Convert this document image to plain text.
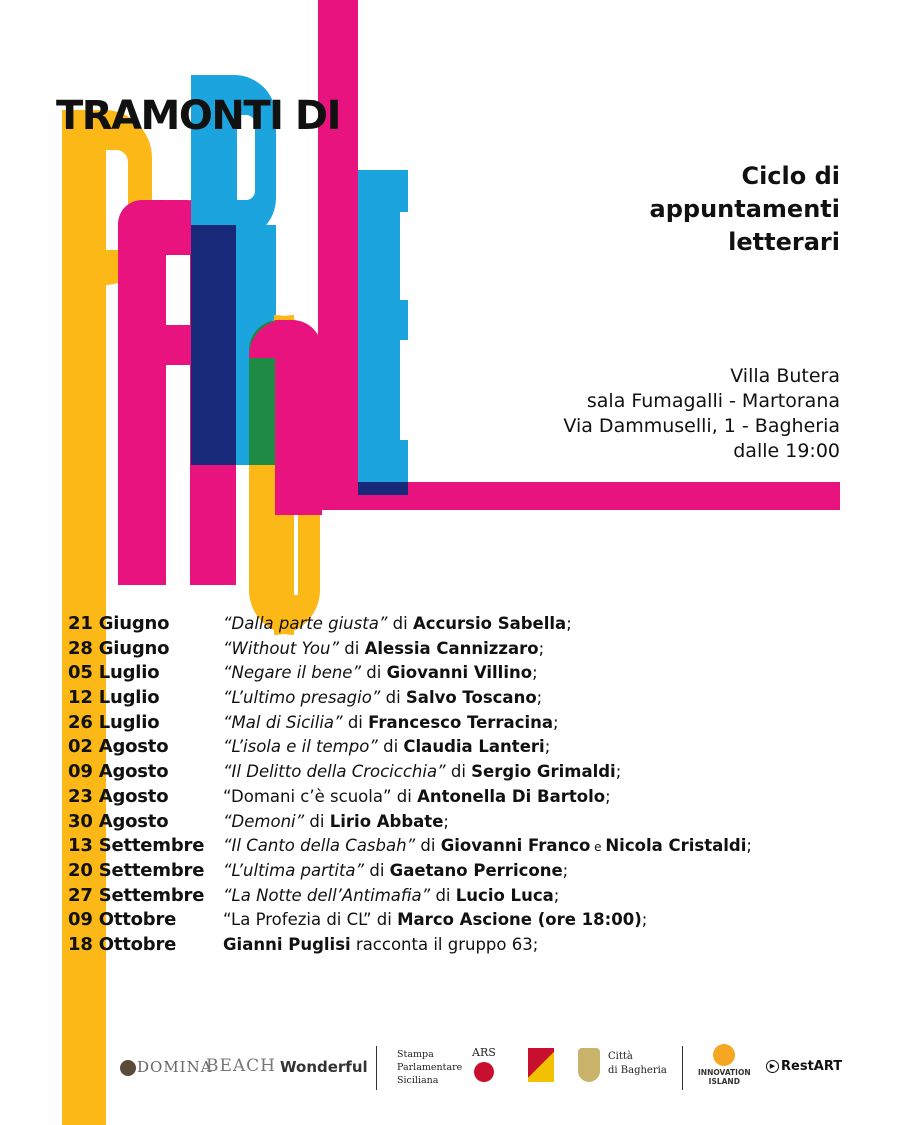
TRAMONTI DI
Ciclo di
appuntamenti
letterari
Villa Butera
sala Fumagalli - Martorana
Via Dammuselli, 1 - Bagheria
dalle 19:00
21 Giugno	“Dalla parte giusta” di Accursio Sabella;
28 Giugno	“Without You” di Alessia Cannizzaro;
05 Luglio	“Negare il bene” di Giovanni Villino;
12 Luglio	“L’ultimo presagio” di Salvo Toscano;
26 Luglio	“Mal di Sicilia” di Francesco Terracina;
02 Agosto	“L’isola e il tempo” di Claudia Lanteri;
09 Agosto	“Il Delitto della Crocicchia” di Sergio Grimaldi;
23 Agosto	“Domani c’è scuola” di Antonella Di Bartolo;
30 Agosto	“Demoni” di Lirio Abbate;
13 Settembre “Il Canto della Casbah” di Giovanni Franco e Nicola Cristaldi;
20 Settembre “L’ultima partita” di Gaetano Perricone;
27 Settembre “La Notte dell’Antimafia” di Lucio Luca;
09 Ottobre	“La Profezia di CL” di Marco Ascione (ore 18:00);
18 Ottobre	Gianni Puglisi racconta il gruppo 63;
DOMINA
BEACH Wonderful
Stampa
Parlamentare
Siciliana
ARS	Città
di Bagheria	INNOVATION
ISLAND
▶ RestART
